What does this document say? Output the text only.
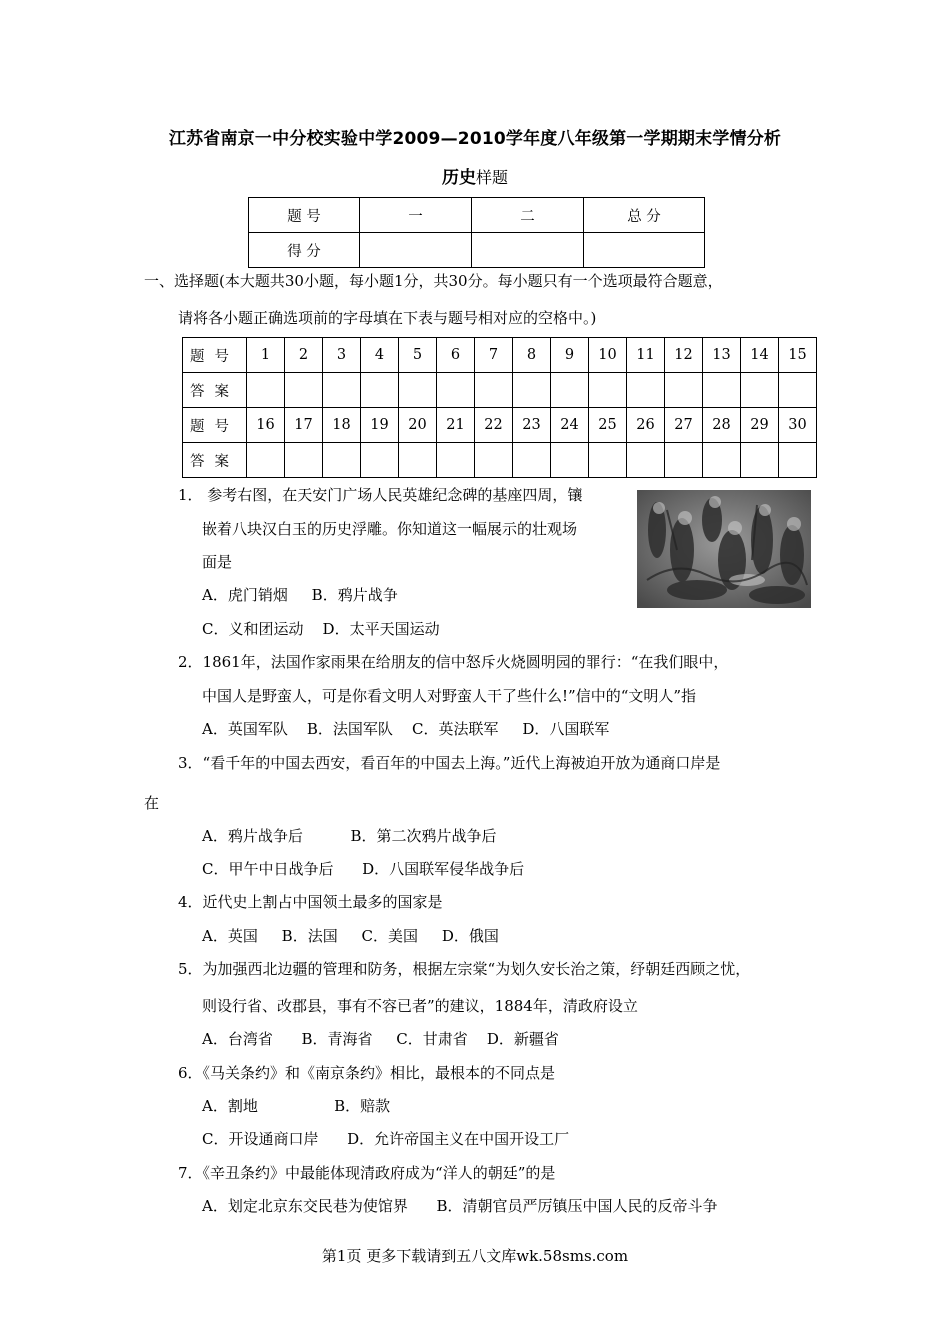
江苏省南京一中分校实验中学2009—2010学年度八年级第一学期期末学情分析
历史样题
题 号	一	二	总 分
得 分			
一、选择题(本大题共30小题，每小题1分，共30分。每小题只有一个选项最符合题意，
请将各小题正确选项前的字母填在下表与题号相对应的空格中。)
题号	1	2	3	4	5	6	7	8	9	10	11	12	13	14	15
答案															
题号	16	17	18	19	20	21	22	23	24	25	26	27	28	29	30
答案															
1． 参考右图，在天安门广场人民英雄纪念碑的基座四周，镶
嵌着八块汉白玉的历史浮雕。你知道这一幅展示的壮观场
面是
A．虎门销烟     B．鸦片战争
C．义和团运动    D．太平天国运动
2．1861年，法国作家雨果在给朋友的信中怒斥火烧圆明园的罪行：“在我们眼中，
中国人是野蛮人，可是你看文明人对野蛮人干了些什么!”信中的“文明人”指
A．英国军队    B．法国军队    C．英法联军     D．八国联军
3．“看千年的中国去西安，看百年的中国去上海。”近代上海被迫开放为通商口岸是
在
A．鸦片战争后          B．第二次鸦片战争后
C．甲午中日战争后      D．八国联军侵华战争后
4．近代史上割占中国领土最多的国家是
A．英国     B．法国     C．美国     D．俄国
5．为加强西北边疆的管理和防务，根据左宗棠“为划久安长治之策，纾朝廷西顾之忧，
则设行省、改郡县，事有不容已者”的建议，1884年，清政府设立
A．台湾省      B．青海省     C．甘肃省    D．新疆省
6．《马关条约》和《南京条约》相比，最根本的不同点是
A．割地                B．赔款
C．开设通商口岸      D．允许帝国主义在中国开设工厂
7．《辛丑条约》中最能体现清政府成为“洋人的朝廷”的是
A．划定北京东交民巷为使馆界      B．清朝官员严厉镇压中国人民的反帝斗争
第1页 更多下载请到五八文库wk.58sms.com
